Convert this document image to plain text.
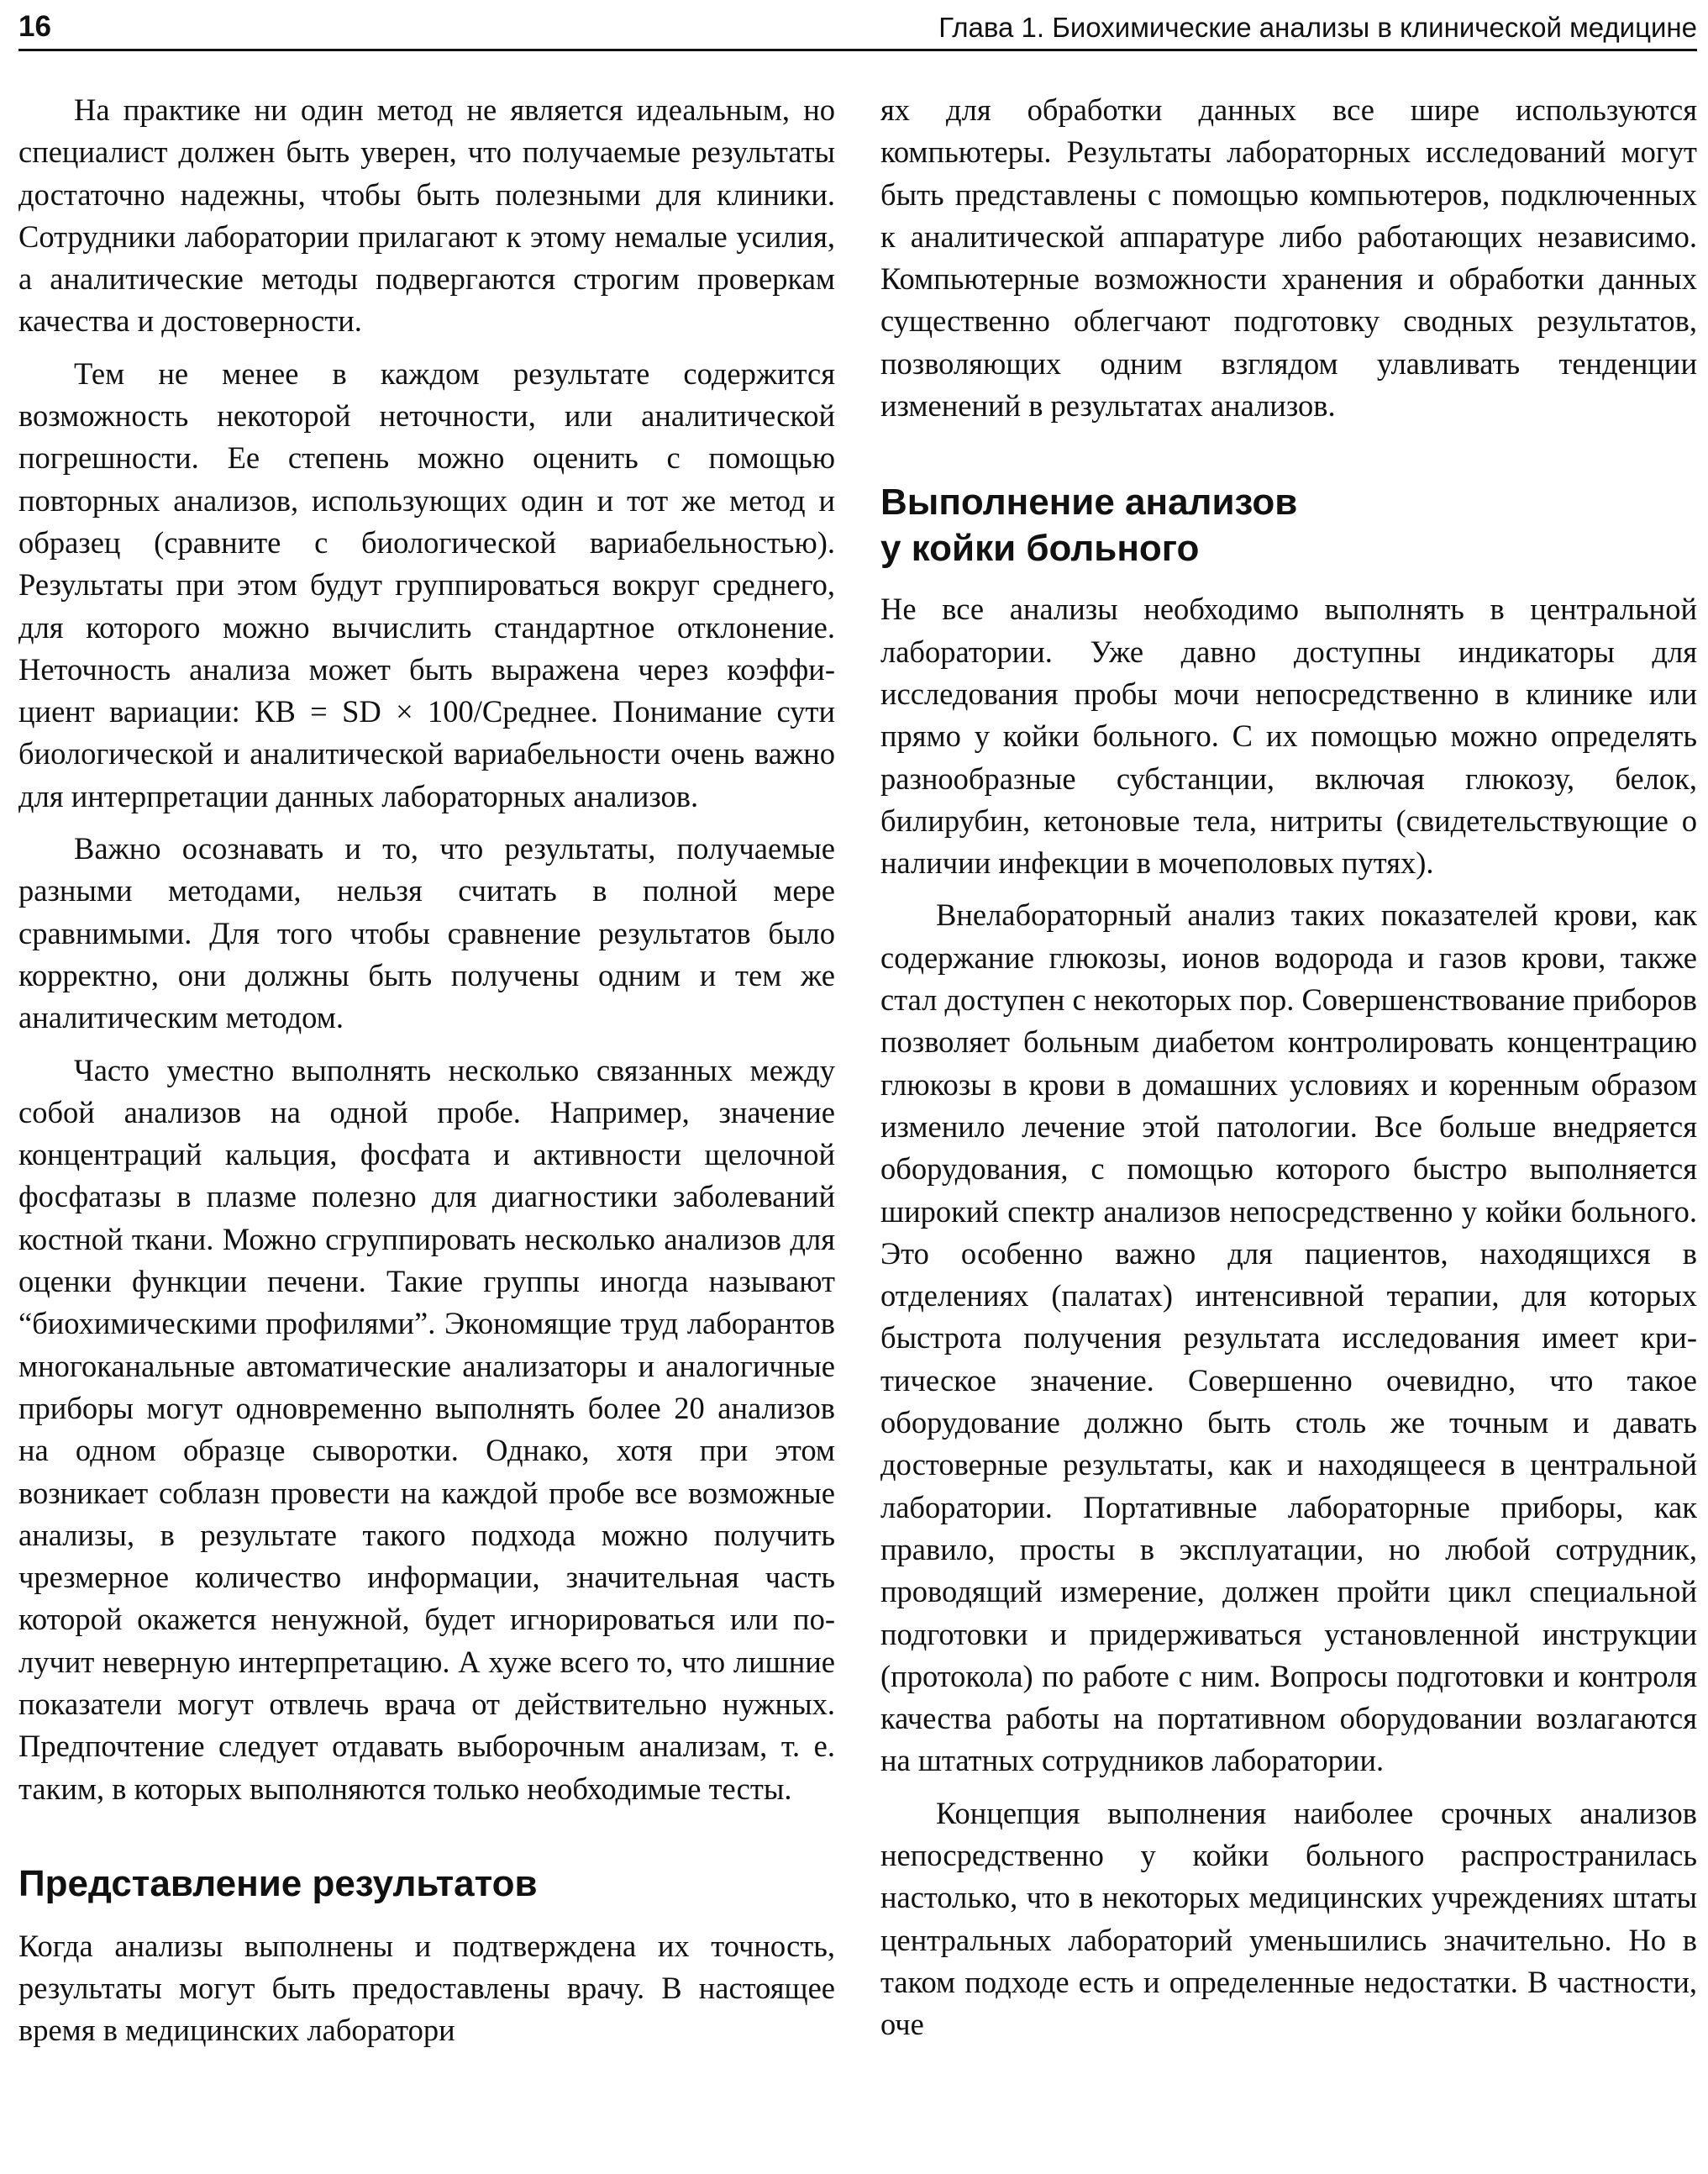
16	Глава 1. Биохимические анализы в клинической медицине

На практике ни один метод не является идеальным, но специалист должен быть уверен, что получаемые результаты достаточно надежны, чтобы быть полезными для клиники. Сотрудники лаборатории прилагают к этому немалые усилия, а аналитические методы подвергаются строгим проверкам качества и достоверности.

Тем не менее в каждом результате содержится возможность некоторой неточности, или аналитической погрешности. Ее степень можно оценить с помощью повторных анализов, использующих один и тот же метод и образец (сравните с биологической вариабельностью). Результаты при этом будут группироваться вокруг среднего, для которого можно вычислить стандартное отклонение. Неточность анализа может быть выражена через коэффициент вариации: КВ = SD × 100/Среднее. Понимание сути биологической и аналитической вариабельности очень важно для интерпретации данных лабораторных анализов.

Важно осознавать и то, что результаты, получаемые разными методами, нельзя считать в полной мере сравнимыми. Для того чтобы сравнение результатов было корректно, они должны быть получены одним и тем же аналитическим методом.

Часто уместно выполнять несколько связанных между собой анализов на одной пробе. Например, значение концентраций кальция, фосфата и активности щелочной фосфатазы в плазме полезно для диагностики заболеваний костной ткани. Можно сгруппировать несколько анализов для оценки функции печени. Такие группы иногда называют “биохимическими профилями”. Экономящие труд лаборантов многоканальные автоматические анализаторы и аналогичные приборы могут одновременно выполнять более 20 анализов на одном образце сыворотки. Однако, хотя при этом возникает соблазн провести на каждой пробе все возможные анализы, в результате такого подхода можно получить чрезмерное количество информации, значительная часть которой окажется ненужной, будет игнорироваться или получит неверную интерпретацию. А хуже всего то, что лишние показатели могут отвлечь врача от действительно нужных. Предпочтение следует отдавать выборочным анализам, т. е. таким, в которых выполняются только необходимые тесты.

Представление результатов

Когда анализы выполнены и подтверждена их точность, результаты могут быть предоставлены врачу. В настоящее время в медицинских лаборатори

ях для обработки данных все шире используются компьютеры. Результаты лабораторных исследований могут быть представлены с помощью компьютеров, подключенных к аналитической аппаратуре либо работающих независимо. Компьютерные возможности хранения и обработки данных существенно облегчают подготовку сводных результатов, позволяющих одним взглядом улавливать тенденции изменений в результатах анализов.

Выполнение анализов
у койки больного

Не все анализы необходимо выполнять в центральной лаборатории. Уже давно доступны индикаторы для исследования пробы мочи непосредственно в клинике или прямо у койки больного. С их помощью можно определять разнообразные субстанции, включая глюкозу, белок, билирубин, кетоновые тела, нитриты (свидетельствующие о наличии инфекции в мочеполовых путях).

Внелабораторный анализ таких показателей крови, как содержание глюкозы, ионов водорода и газов крови, также стал доступен с некоторых пор. Совершенствование приборов позволяет больным диабетом контролировать концентрацию глюкозы в крови в домашних условиях и коренным образом изменило лечение этой патологии. Все больше внедряется оборудования, с помощью которого быстро выполняется широкий спектр анализов непосредственно у койки больного. Это особенно важно для пациентов, находящихся в отделениях (палатах) интенсивной терапии, для которых быстрота получения результата исследования имеет критическое значение. Совершенно очевидно, что такое оборудование должно быть столь же точным и давать достоверные результаты, как и находящееся в центральной лаборатории. Портативные лабораторные приборы, как правило, просты в эксплуатации, но любой сотрудник, проводящий измерение, должен пройти цикл специальной подготовки и придерживаться установленной инструкции (протокола) по работе с ним. Вопросы подготовки и контроля качества работы на портативном оборудовании возлагаются на штатных сотрудников лаборатории.

Концепция выполнения наиболее срочных анализов непосредственно у койки больного распространилась настолько, что в некоторых медицинских учреждениях штаты центральных лабораторий уменьшились значительно. Но в таком подходе есть и определенные недостатки. В частности, оче
